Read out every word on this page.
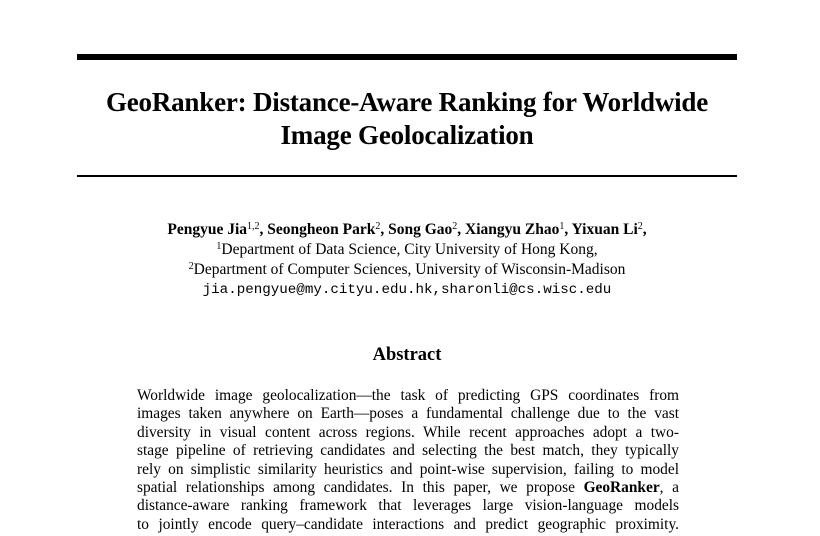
GeoRanker: Distance-Aware Ranking for Worldwide
Image Geolocalization
Pengyue Jia$^{1,2}$, Seongheon Park$^2$, Song Gao$^2$, Xiangyu Zhao$^1$, Yixuan Li$^2$,
$^1$Department of Data Science, City University of Hong Kong,
$^2$Department of Computer Sciences, University of Wisconsin-Madison
jia.pengyue@my.cityu.edu.hk,sharonli@cs.wisc.edu
Abstract
Worldwide image geolocalization—the task of predicting GPS coordinates from
images taken anywhere on Earth—poses a fundamental challenge due to the vast
diversity in visual content across regions. While recent approaches adopt a two-
stage pipeline of retrieving candidates and selecting the best match, they typically
rely on simplistic similarity heuristics and point-wise supervision, failing to model
spatial relationships among candidates. In this paper, we propose GeoRanker, a
distance-aware ranking framework that leverages large vision-language models
to jointly encode query–candidate interactions and predict geographic proximity.
